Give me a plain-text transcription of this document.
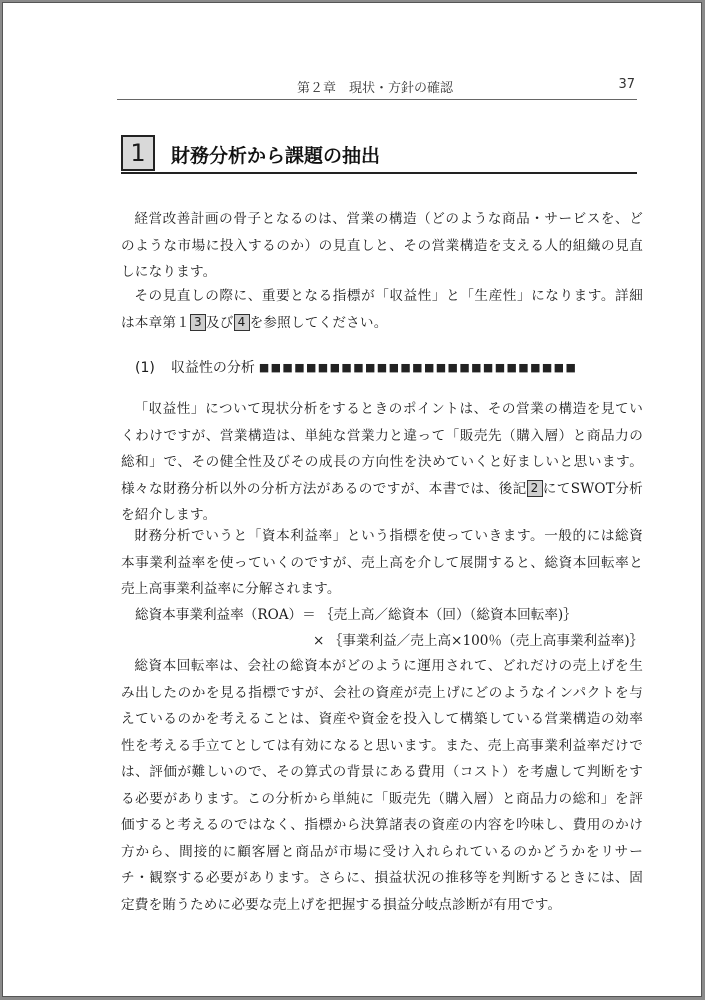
第２章　現状・方針の確認	37
1	財務分析から課題の抽出

経営改善計画の骨子となるのは、営業の構造（どのような商品・サービスを、どのような市場に投入するのか）の見直しと、その営業構造を支える人的組織の見直しになります。

その見直しの際に、重要となる指標が「収益性」と「生産性」になります。詳細は本章第１ 3 及び 4 を参照してください。

(1) 収益性の分析 ■■■■■■■■■■■■■■■■■■■■■■■■■■■

「収益性」について現状分析をするときのポイントは、その営業の構造を見ていくわけですが、営業構造は、単純な営業力と違って「販売先（購入層）と商品力の総和」で、その健全性及びその成長の方向性を決めていくと好ましいと思います。様々な財務分析以外の分析方法があるのですが、本書では、後記 2 にてSWOT分析を紹介します。

財務分析でいうと「資本利益率」という指標を使っていきます。一般的には総資本事業利益率を使っていくのですが、売上高を介して展開すると、総資本回転率と売上高事業利益率に分解されます。

総資本事業利益率（ROA）＝ ｛売上高／総資本（回）（総資本回転率)｝
× ｛事業利益／売上高×100％（売上高事業利益率)｝

総資本回転率は、会社の総資本がどのように運用されて、どれだけの売上げを生み出したのかを見る指標ですが、会社の資産が売上げにどのようなインパクトを与えているのかを考えることは、資産や資金を投入して構築している営業構造の効率性を考える手立てとしては有効になると思います。また、売上高事業利益率だけでは、評価が難しいので、その算式の背景にある費用（コスト）を考慮して判断をする必要があります。この分析から単純に「販売先（購入層）と商品力の総和」を評価すると考えるのではなく、指標から決算諸表の資産の内容を吟味し、費用のかけ方から、間接的に顧客層と商品が市場に受け入れられているのかどうかをリサーチ・観察する必要があります。さらに、損益状況の推移等を判断するときには、固定費を賄うために必要な売上げを把握する損益分岐点診断が有用です。
